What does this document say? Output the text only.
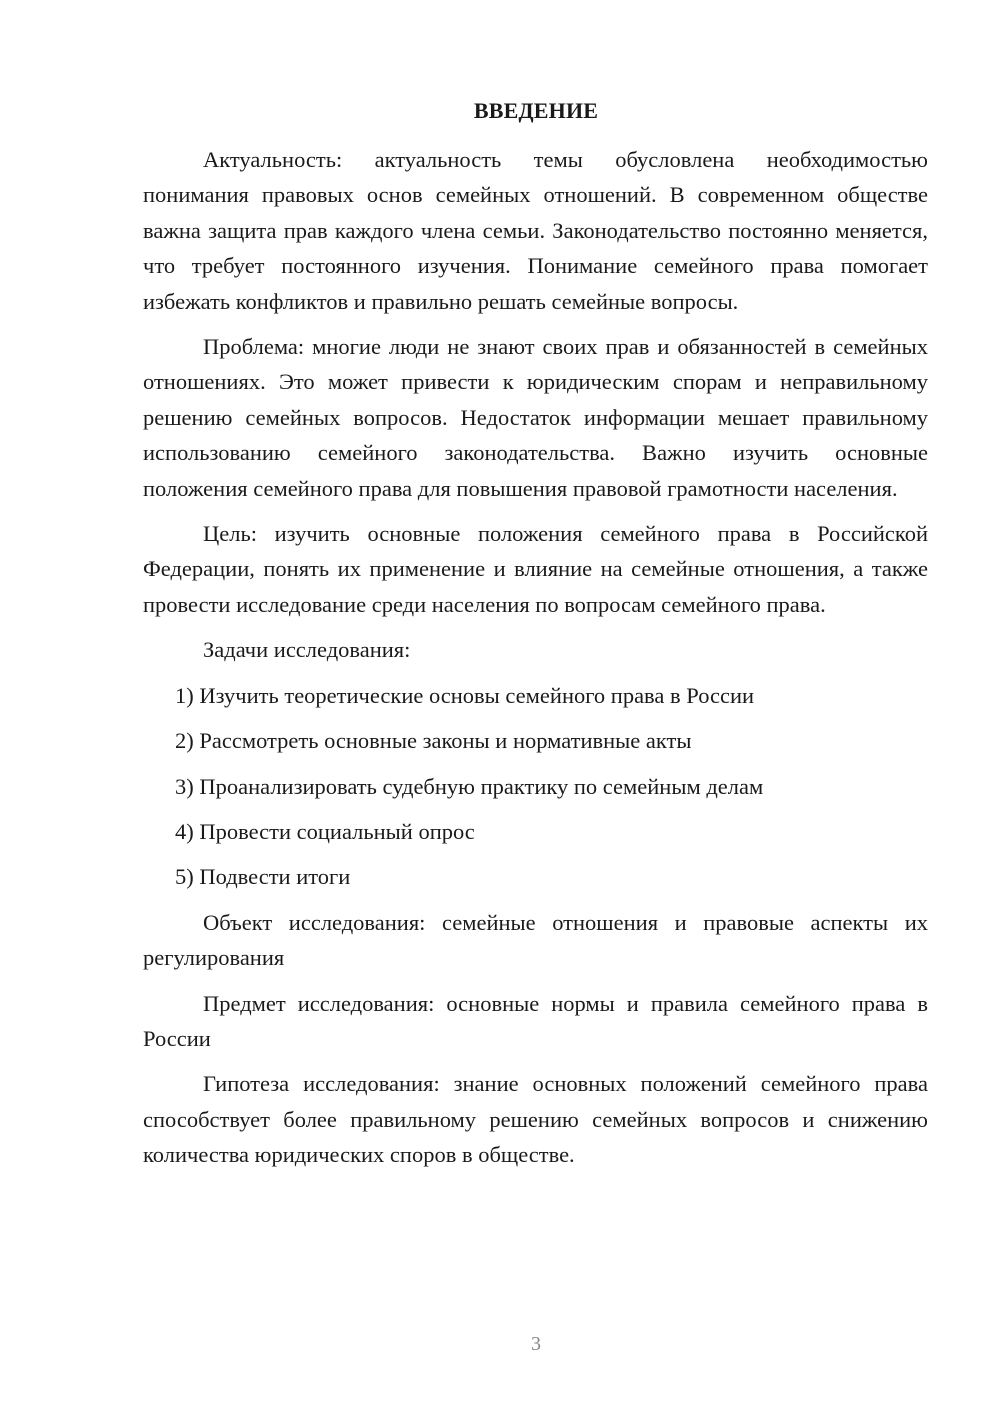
ВВЕДЕНИЕ

Актуальность: актуальность темы обусловлена необходимостью понимания правовых основ семейных отношений. В современном обществе важна защита прав каждого члена семьи. Законодательство постоянно меняется, что требует постоянного изучения. Понимание семейного права помогает избежать конфликтов и правильно решать семейные вопросы.

Проблема: многие люди не знают своих прав и обязанностей в семейных отношениях. Это может привести к юридическим спорам и неправильному решению семейных вопросов. Недостаток информации мешает правильному использованию семейного законодательства. Важно изучить основные положения семейного права для повышения правовой грамотности населения.

Цель: изучить основные положения семейного права в Российской Федерации, понять их применение и влияние на семейные отношения, а также провести исследование среди населения по вопросам семейного права.

Задачи исследования:

1) Изучить теоретические основы семейного права в России
2) Рассмотреть основные законы и нормативные акты
3) Проанализировать судебную практику по семейным делам
4) Провести социальный опрос
5) Подвести итоги

Объект исследования: семейные отношения и правовые аспекты их регулирования

Предмет исследования: основные нормы и правила семейного права в России

Гипотеза исследования: знание основных положений семейного права способствует более правильному решению семейных вопросов и снижению количества юридических споров в обществе.

3
